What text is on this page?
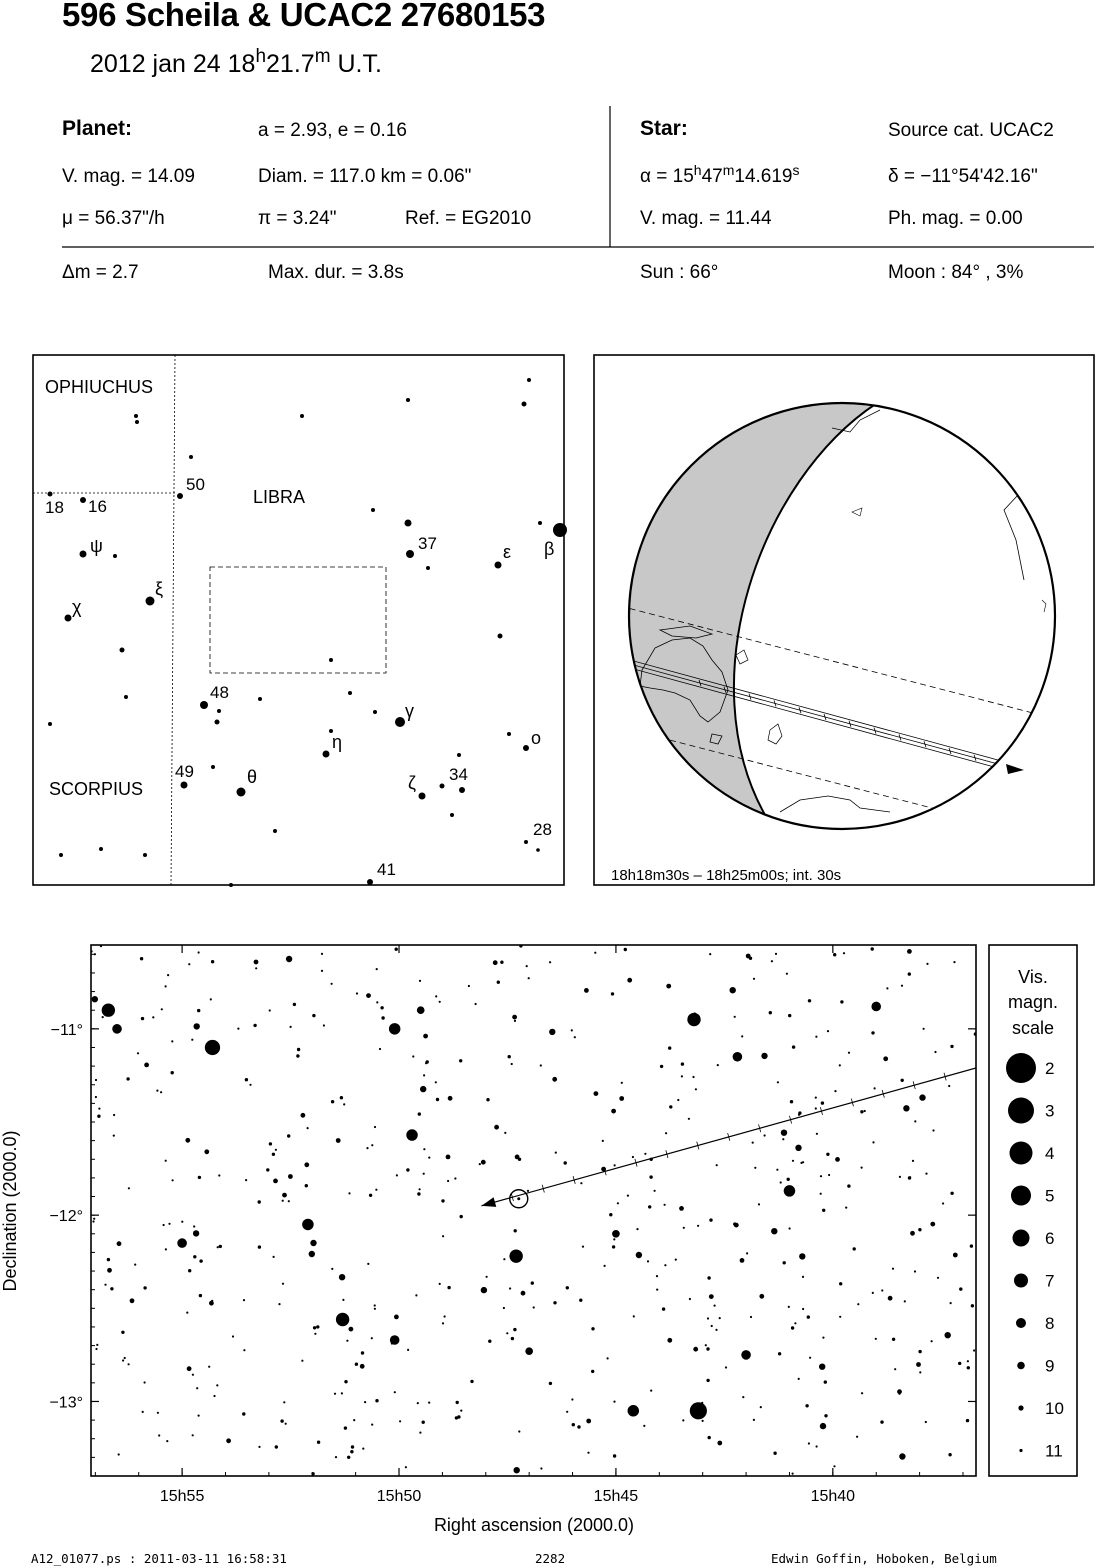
596 Scheila & UCAC2 27680153
2012 jan 24 18$^h$21.7$^m$ U.T.
Planet:	a = 2.93, e = 0.16
V. mag. = 14.09	Diam. = 117.0 km = 0.06"
μ = 56.37"/h	π = 3.24"	Ref. = EG2010
Star:	Source cat. UCAC2
$\alpha = 15^h47^m14.619^s$	δ = −11°54'42.16"
V. mag. = 11.44	Ph. mag. = 0.00
Δm = 2.7	Max. dur. = 3.8s	Sun : 66°	Moon : 84° , 3%
OPHIUCHUS
LIBRA
SCORPIUS
50
18 16
ψ	37	ε β
ξ
χ
48
γ
η	ο
49	θ	ζ 34
28
41	18h18m30s – 18h25m00s; int. 30s
15h55	15h50	15h45	15h40
−11°
−12°
−13°
Right ascension (2000.0)
Declination (2000.0)
Vis.
magn.
scale
2
3
4
5
6
7
8
9
10
11
A12_01077.ps : 2011-03-11 16:58:31	2282	Edwin Goffin, Hoboken, Belgium
